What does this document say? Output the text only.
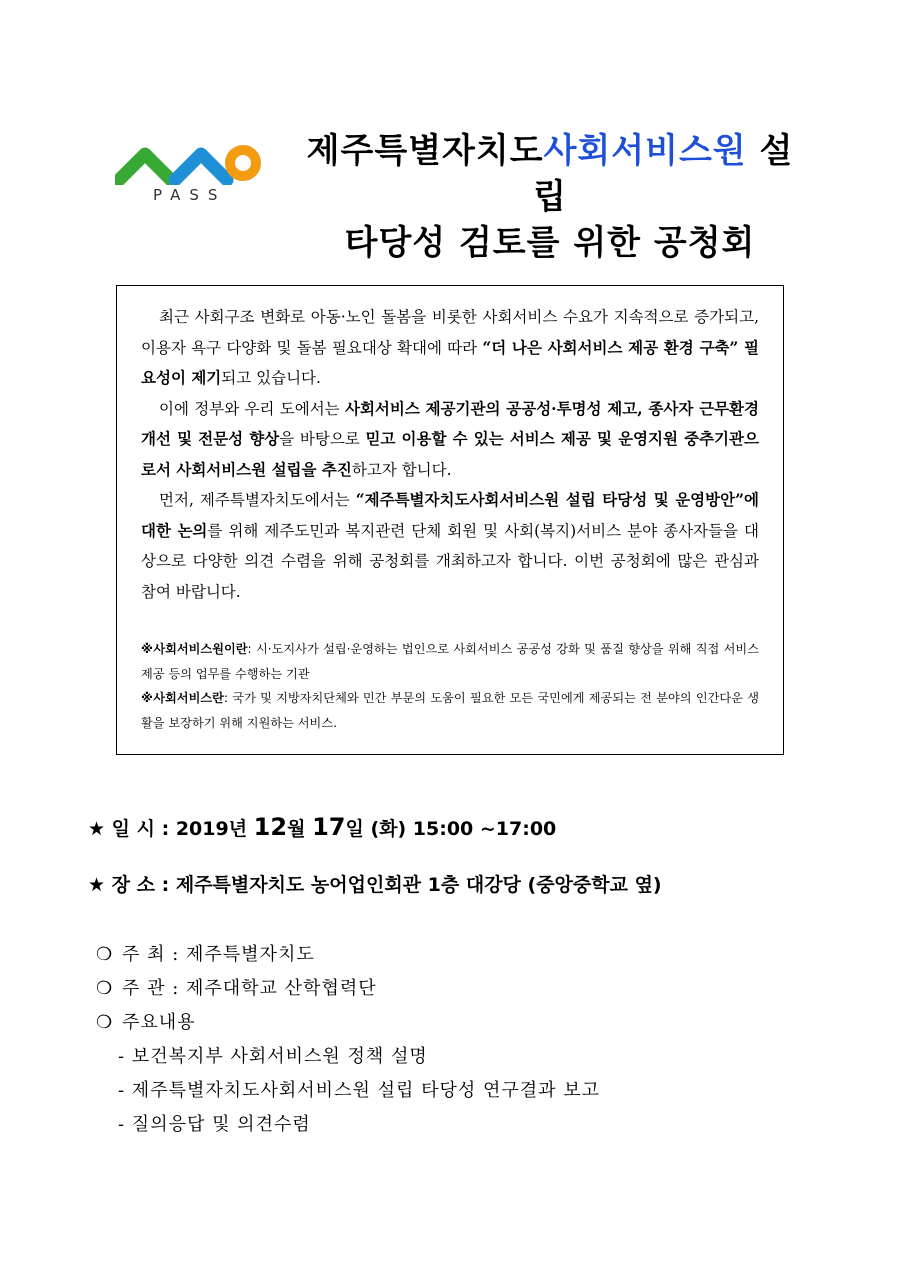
PASS
제주특별자치도사회서비스원 설립
타당성 검토를 위한 공청회

최근 사회구조 변화로 아동·노인 돌봄을 비롯한 사회서비스 수요가 지속적으로 증가되고, 이용자 욕구 다양화 및 돌봄 필요대상 확대에 따라 “더 나은 사회서비스 제공 환경 구축” 필요성이 제기되고 있습니다.

이에 정부와 우리 도에서는 사회서비스 제공기관의 공공성·투명성 제고, 종사자 근무환경 개선 및 전문성 향상을 바탕으로 믿고 이용할 수 있는 서비스 제공 및 운영지원 중추기관으로서 사회서비스원 설립을 추진하고자 합니다.

먼저, 제주특별자치도에서는 “제주특별자치도사회서비스원 설립 타당성 및 운영방안”에 대한 논의를 위해 제주도민과 복지관련 단체 회원 및 사회(복지)서비스 분야 종사자들을 대상으로 다양한 의견 수렴을 위해 공청회를 개최하고자 합니다. 이번 공청회에 많은 관심과 참여 바랍니다.

※사회서비스원이란: 시·도지사가 설립·운영하는 법인으로 사회서비스 공공성 강화 및 품질 향상을 위해 직접 서비스 제공 등의 업무를 수행하는 기관
※사회서비스란: 국가 및 지방자치단체와 민간 부문의 도움이 필요한 모든 국민에게 제공되는 전 분야의 인간다운 생활을 보장하기 위해 지원하는 서비스.
★ 일 시 : 2019년 12월 17일 (화) 15:00 ~17:00
★ 장 소 : 제주특별자치도 농어업인회관 1층 대강당 (중앙중학교 옆)
❍ 주 최 : 제주특별자치도
❍ 주 관 : 제주대학교 산학협력단
❍ 주요내용
- 보건복지부 사회서비스원 정책 설명
- 제주특별자치도사회서비스원 설립 타당성 연구결과 보고
- 질의응답 및 의견수렴
